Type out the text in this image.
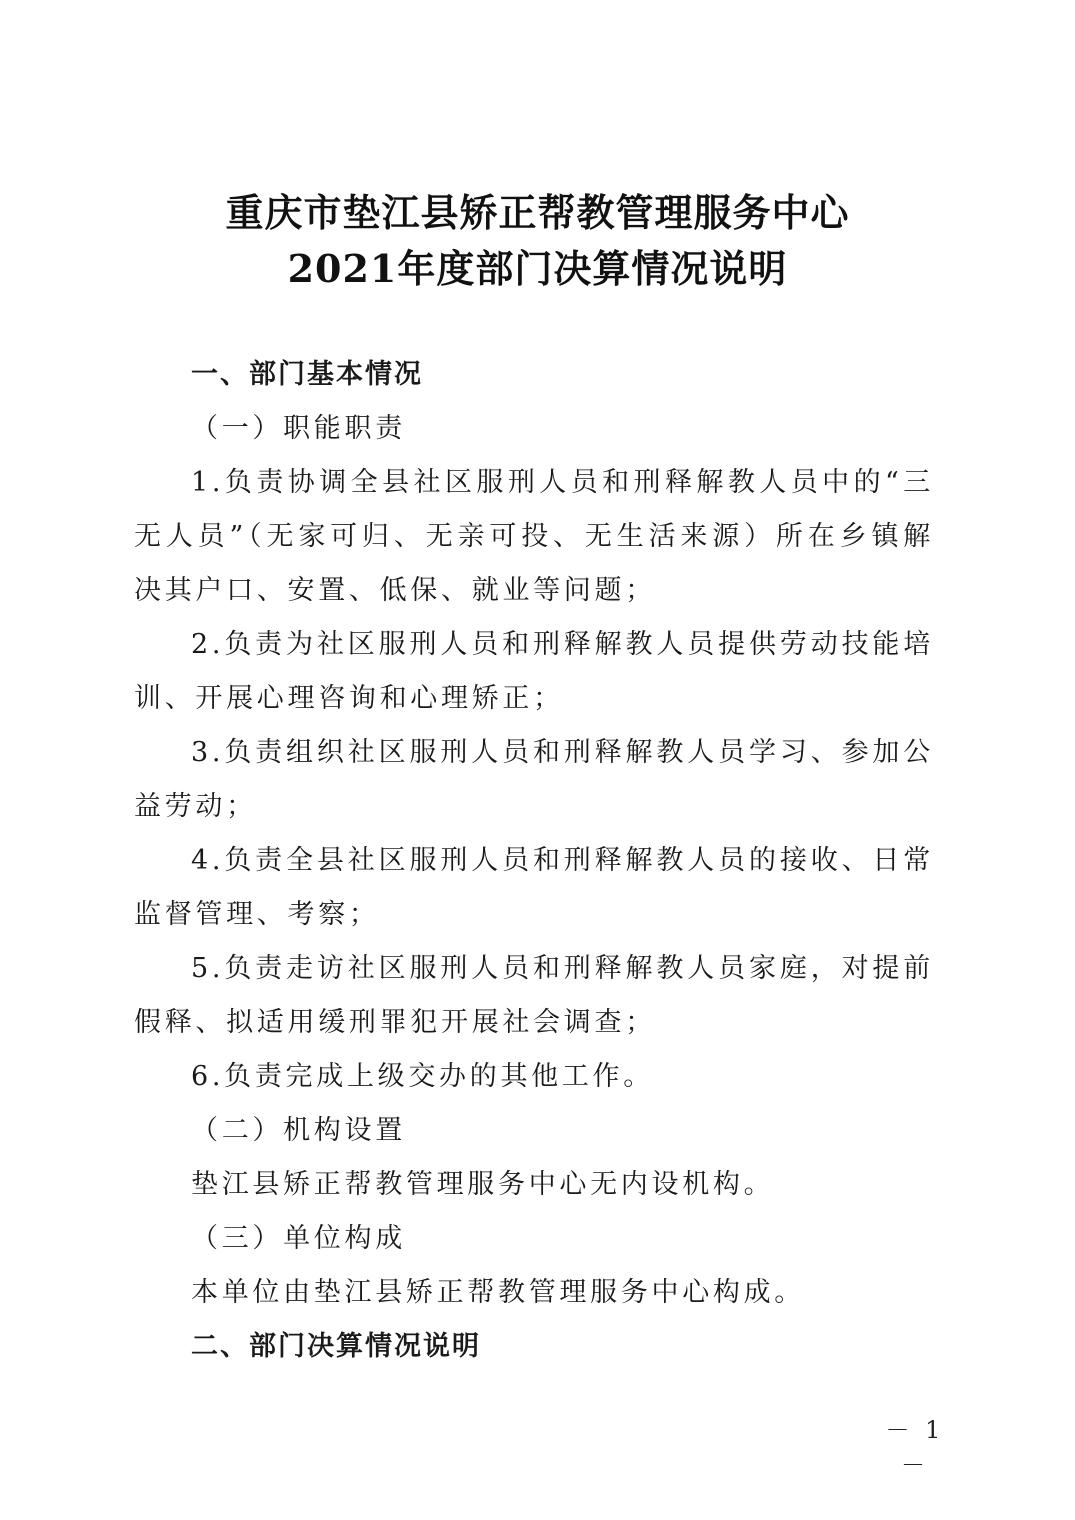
重庆市垫江县矫正帮教管理服务中心
2021年度部门决算情况说明

一、部门基本情况

（一）职能职责

1.负责协调全县社区服刑人员和刑释解教人员中的“三无人员”（无家可归、无亲可投、无生活来源）所在乡镇解决其户口、安置、低保、就业等问题；

2.负责为社区服刑人员和刑释解教人员提供劳动技能培训、开展心理咨询和心理矫正；

3.负责组织社区服刑人员和刑释解教人员学习、参加公益劳动；

4.负责全县社区服刑人员和刑释解教人员的接收、日常监督管理、考察；

5.负责走访社区服刑人员和刑释解教人员家庭，对提前假释、拟适用缓刑罪犯开展社会调查；

6.负责完成上级交办的其他工作。

（二）机构设置

垫江县矫正帮教管理服务中心无内设机构。

（三）单位构成

本单位由垫江县矫正帮教管理服务中心构成。

二、部门决算情况说明

－ 1 －
